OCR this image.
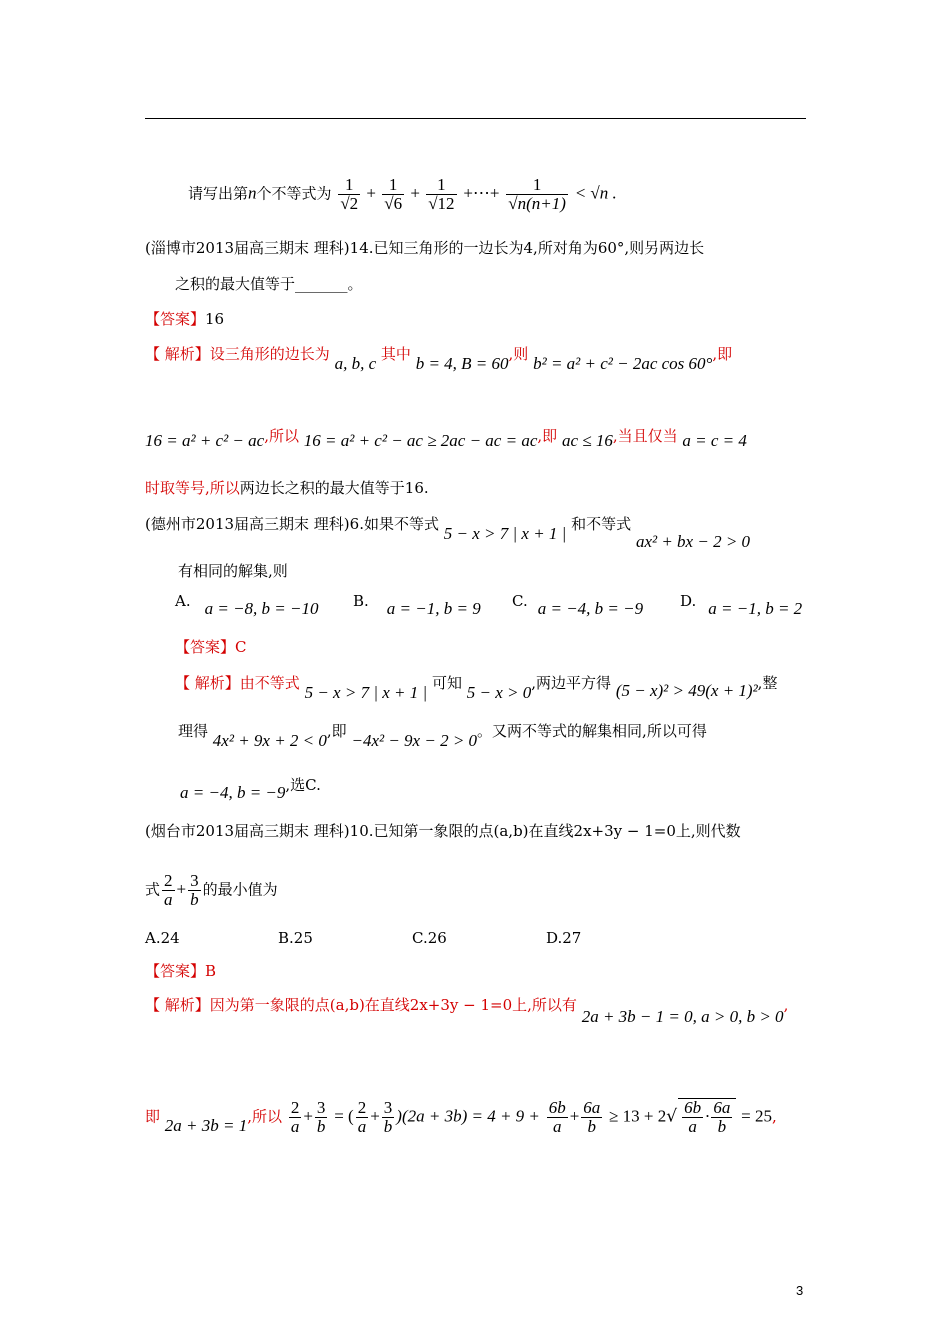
请写出第n个不等式为 $\frac{1}{√2} + \frac{1}{√6} + \frac{1}{√12}$ +⋯+ $\frac{1}{√n(n+1)} < √n$ .
(淄博市2013届高三期末 理科)14.已知三角形的一边长为4,所对角为60°,则另两边长
之积的最大值等于_______。
【答案】16
【 解析】设三角形的边长为 a, b, c 其中 b = 4, B = 60,则 b² = a² + c² − 2ac cos 60°,即
16 = a² + c² − ac,所以 16 = a² + c² − ac ≥ 2ac − ac = ac,即 ac ≤ 16,当且仅当 a = c = 4
时取等号,所以两边长之积的最大值等于16.
(德州市2013届高三期末 理科)6.如果不等式 5 − x > 7 | x + 1 | 和不等式 ax² + bx − 2 > 0
有相同的解集,则
A. a = −8, b = −10 B. a = −1, b = 9 C. a = −4, b = −9 D. a = −1, b = 2
【答案】C
【 解析】由不等式 5 − x > 7 | x + 1 | 可知 5 − x > 0,两边平方得 (5 − x)² > 49(x + 1)²,整
理得 4x² + 9x + 2 < 0,即 −4x² − 9x − 2 > 0。又两不等式的解集相同,所以可得
a = −4, b = −9,选C.
(烟台市2013届高三期末 理科)10.已知第一象限的点(a,b)在直线2x+3y − 1=0上,则代数
式 $\frac{2}{a} + \frac{3}{b}$ 的最小值为
A.24	B.25	C.26	D.27
【答案】B
【 解析】因为第一象限的点(a,b)在直线2x+3y − 1=0上,所以有 2a + 3b − 1 = 0, a > 0, b > 0,
即 2a + 3b = 1,所以 $\frac{2}{a} + \frac{3}{b}$ = ( $\frac{2}{a} + \frac{3}{b} )(2a + 3b) = 4 + 9 + \frac{6b}{a} + \frac{6a}{b} \ge 13 + 2√ \frac{6b}{a} \cdot \frac{6a}{b} = 25$,
3
